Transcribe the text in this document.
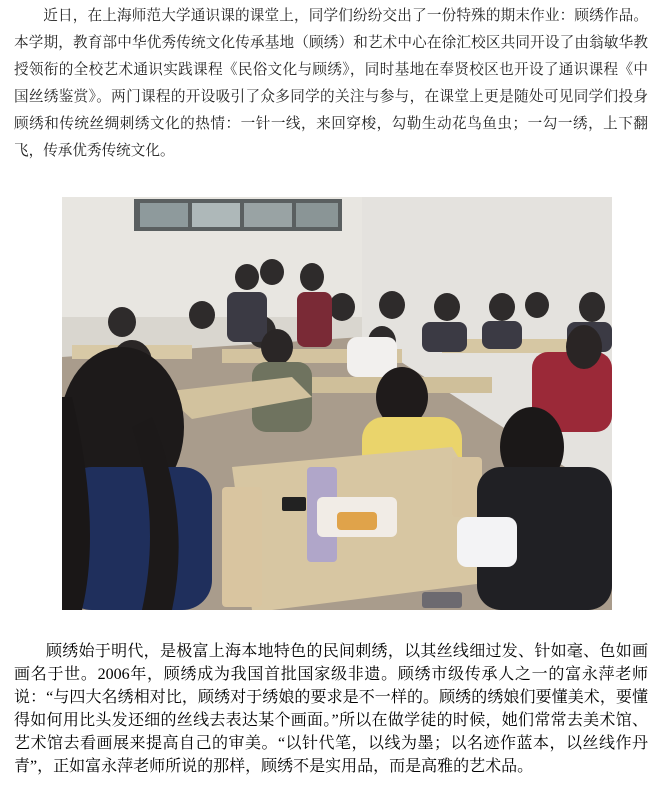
近日，在上海师范大学通识课的课堂上，同学们纷纷交出了一份特殊的期末作业：顾绣作品。本学期，教育部中华优秀传统文化传承基地（顾绣）和艺术中心在徐汇校区共同开设了由翁敏华教授领衔的全校艺术通识实践课程《民俗文化与顾绣》，同时基地在奉贤校区也开设了通识课程《中国丝绣鉴赏》。两门课程的开设吸引了众多同学的关注与参与，在课堂上更是随处可见同学们投身顾绣和传统丝绸刺绣文化的热情：一针一线，来回穿梭，勾勒生动花鸟鱼虫；一勾一绣，上下翻飞，传承优秀传统文化。

顾绣始于明代，是极富上海本地特色的民间刺绣，以其丝线细过发、针如毫、色如画画名于世。2006年，顾绣成为我国首批国家级非遗。顾绣市级传承人之一的富永萍老师说：“与四大名绣相对比，顾绣对于绣娘的要求是不一样的。顾绣的绣娘们要懂美术，要懂得如何用比头发还细的丝线去表达某个画面。”所以在做学徒的时候，她们常常去美术馆、艺术馆去看画展来提高自己的审美。“以针代笔，以线为墨；以名迹作蓝本，以丝线作丹青”，正如富永萍老师所说的那样，顾绣不是实用品，而是高雅的艺术品。
